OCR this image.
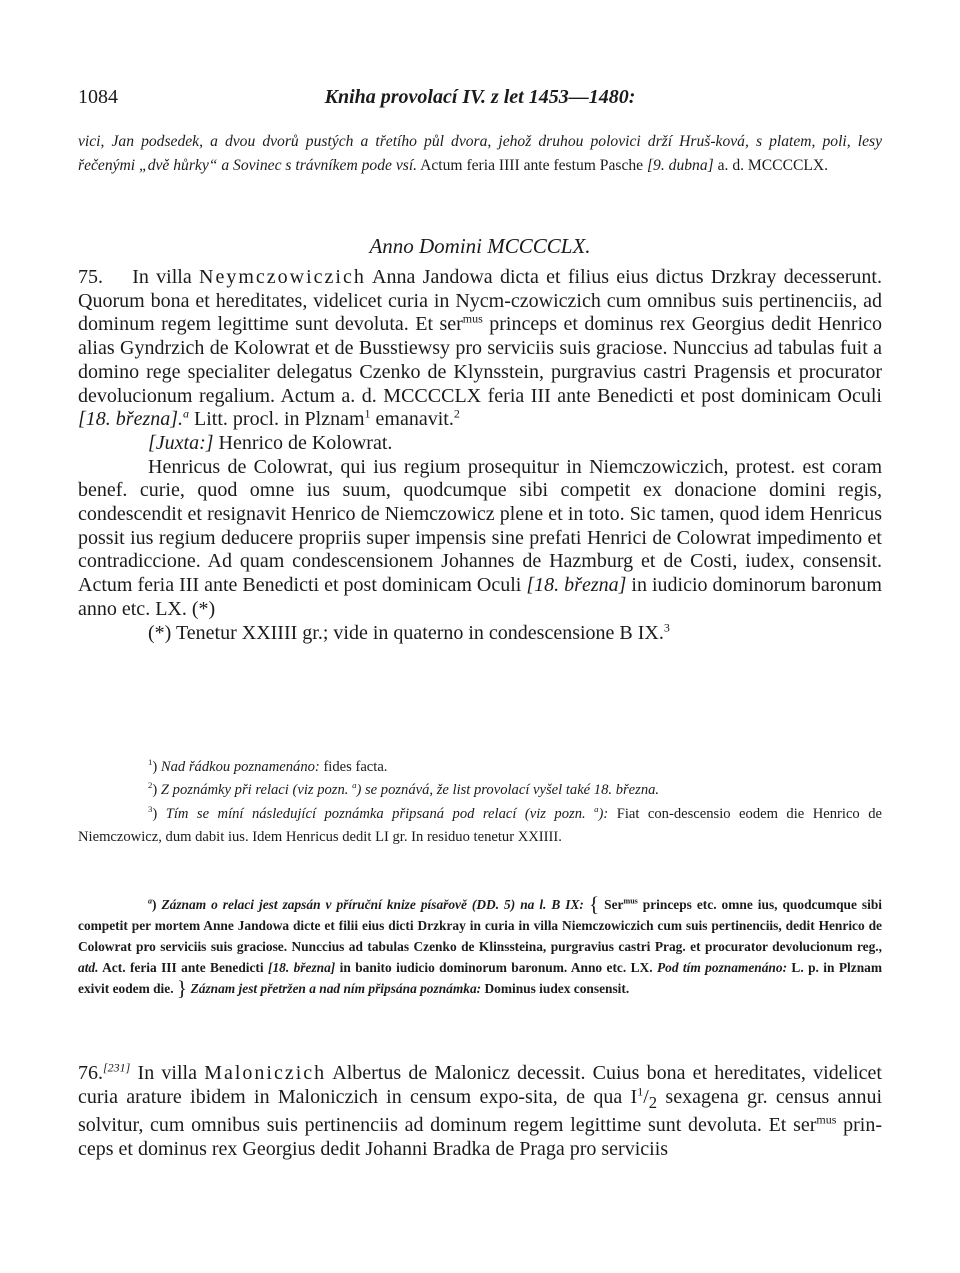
1084	Kniha provolací IV. z let 1453—1480:
vici, Jan podsedek, a dvou dvorů pustých a třetího půl dvora, jehož druhou polovici drží Hruš-ková, s platem, poli, lesy řečenými „dvě hůrky“ a Sovinec s trávníkem pode vsí. Actum feria IIII ante festum Pasche [9. dubna] a. d. MCCCCLX.
Anno Domini MCCCCLX.

75. In villa Neymczowiczich Anna Jandowa dicta et filius eius dictus Drzkray decesserunt. Quorum bona et hereditates, videlicet curia in Nycm-czowiczich cum omnibus suis pertinenciis, ad dominum regem legittime sunt devoluta. Et ser$^{mus}$ princeps et dominus rex Georgius dedit Henrico alias Gyndrzich de Kolowrat et de Busstiewsy pro serviciis suis graciose. Nunccius ad tabulas fuit a domino rege specialiter delegatus Czenko de Klynsstein, purgravius castri Pragensis et procurator devolucionum regalium. Actum a. d. MCCCCLX feria III ante Benedicti et post dominicam Oculi [18. března].$^a$ Litt. procl. in Plznam$^1$ emanavit.$^2$

[Juxta:] Henrico de Kolowrat.

Henricus de Colowrat, qui ius regium prosequitur in Niemczowiczich, protest. est coram benef. curie, quod omne ius suum, quodcumque sibi competit ex donacione domini regis, condescendit et resignavit Henrico de Niemczowicz plene et in toto. Sic tamen, quod idem Henricus possit ius regium deducere propriis super impensis sine prefati Henrici de Colowrat impedimento et contradiccione. Ad quam condescensionem Johannes de Hazmburg et de Costi, iudex, consensit. Actum feria III ante Benedicti et post dominicam Oculi [18. března] in iudicio dominorum baronum anno etc. LX. (*)

(*) Tenetur XXIIII gr.; vide in quaterno in condescensione B IX.$^3$

$^1$) Nad řádkou poznamenáno: fides facta.

$^2$) Z poznámky při relaci (viz pozn. $^a$) se poznává, že list provolací vyšel také 18. března.

$^3$) Tím se míní následující poznámka připsaná pod relací (viz pozn. $^a$): Fiat con-descensio eodem die Henrico de Niemczowicz, dum dabit ius. Idem Henricus dedit LI gr. In residuo tenetur XXIIII.

$^a$) Záznam o relaci jest zapsán v příruční knize písařově (DD. 5) na l. B IX: { Ser$^{mus}$ princeps etc. omne ius, quodcumque sibi competit per mortem Anne Jandowa dicte et filii eius dicti Drzkray in curia in villa Niemczowiczich cum suis pertinenciis, dedit Henrico de Colowrat pro serviciis suis graciose. Nunccius ad tabulas Czenko de Klinssteina, purgravius castri Prag. et procurator devolucionum reg., atd. Act. feria III ante Benedicti [18. března] in banito iudicio dominorum baronum. Anno etc. LX. Pod tím poznamenáno: L. p. in Plznam exivit eodem die. } Záznam jest přetržen a nad ním připsána poznámka: Dominus iudex consensit.
76.[231] In villa Maloniczich Albertus de Malonicz decessit. Cuius bona et hereditates, videlicet curia arature ibidem in Maloniczich in censum expo-sita, de qua $I^1/_2$ sexagena gr. census annui solvitur, cum omnibus suis pertinenciis ad dominum regem legittime sunt devoluta. Et ser$^{mus}$ prin-ceps et dominus rex Georgius dedit Johanni Bradka de Praga pro serviciis
